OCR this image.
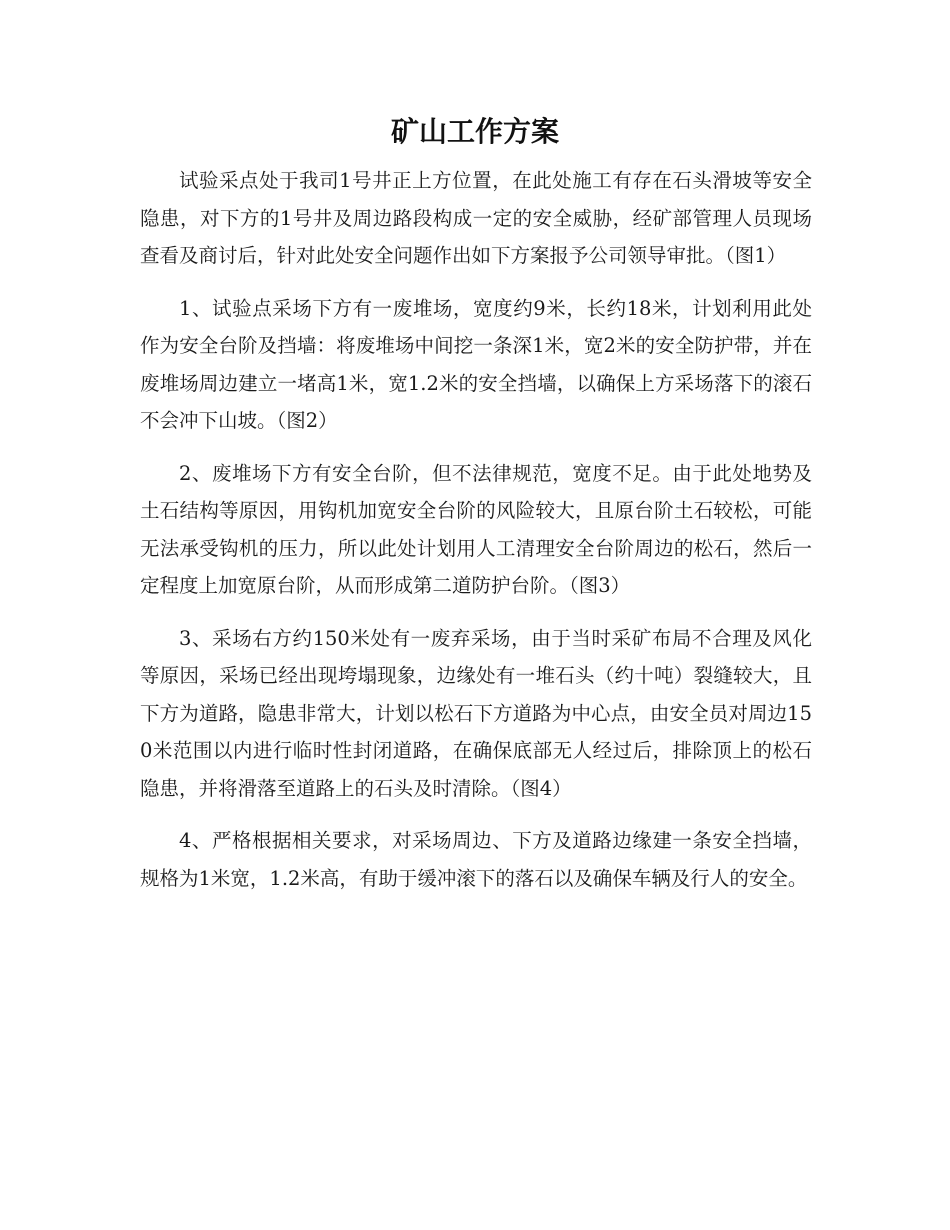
矿山工作方案

试验采点处于我司1号井正上方位置，在此处施工有存在石头滑坡等安全隐患，对下方的1号井及周边路段构成一定的安全威胁，经矿部管理人员现场查看及商讨后，针对此处安全问题作出如下方案报予公司领导审批。（图1）

1、试验点采场下方有一废堆场，宽度约9米，长约18米，计划利用此处作为安全台阶及挡墙：将废堆场中间挖一条深1米，宽2米的安全防护带，并在废堆场周边建立一堵高1米，宽1.2米的安全挡墙，以确保上方采场落下的滚石不会冲下山坡。（图2）

2、废堆场下方有安全台阶，但不法律规范，宽度不足。由于此处地势及土石结构等原因，用钩机加宽安全台阶的风险较大，且原台阶土石较松，可能无法承受钩机的压力，所以此处计划用人工清理安全台阶周边的松石，然后一定程度上加宽原台阶，从而形成第二道防护台阶。（图3）

3、采场右方约150米处有一废弃采场，由于当时采矿布局不合理及风化等原因，采场已经出现垮塌现象，边缘处有一堆石头（约十吨）裂缝较大，且下方为道路，隐患非常大，计划以松石下方道路为中心点，由安全员对周边150米范围以内进行临时性封闭道路，在确保底部无人经过后，排除顶上的松石隐患，并将滑落至道路上的石头及时清除。（图4）

4、严格根据相关要求，对采场周边、下方及道路边缘建一条安全挡墙，规格为1米宽，1.2米高，有助于缓冲滚下的落石以及确保车辆及行人的安全。
